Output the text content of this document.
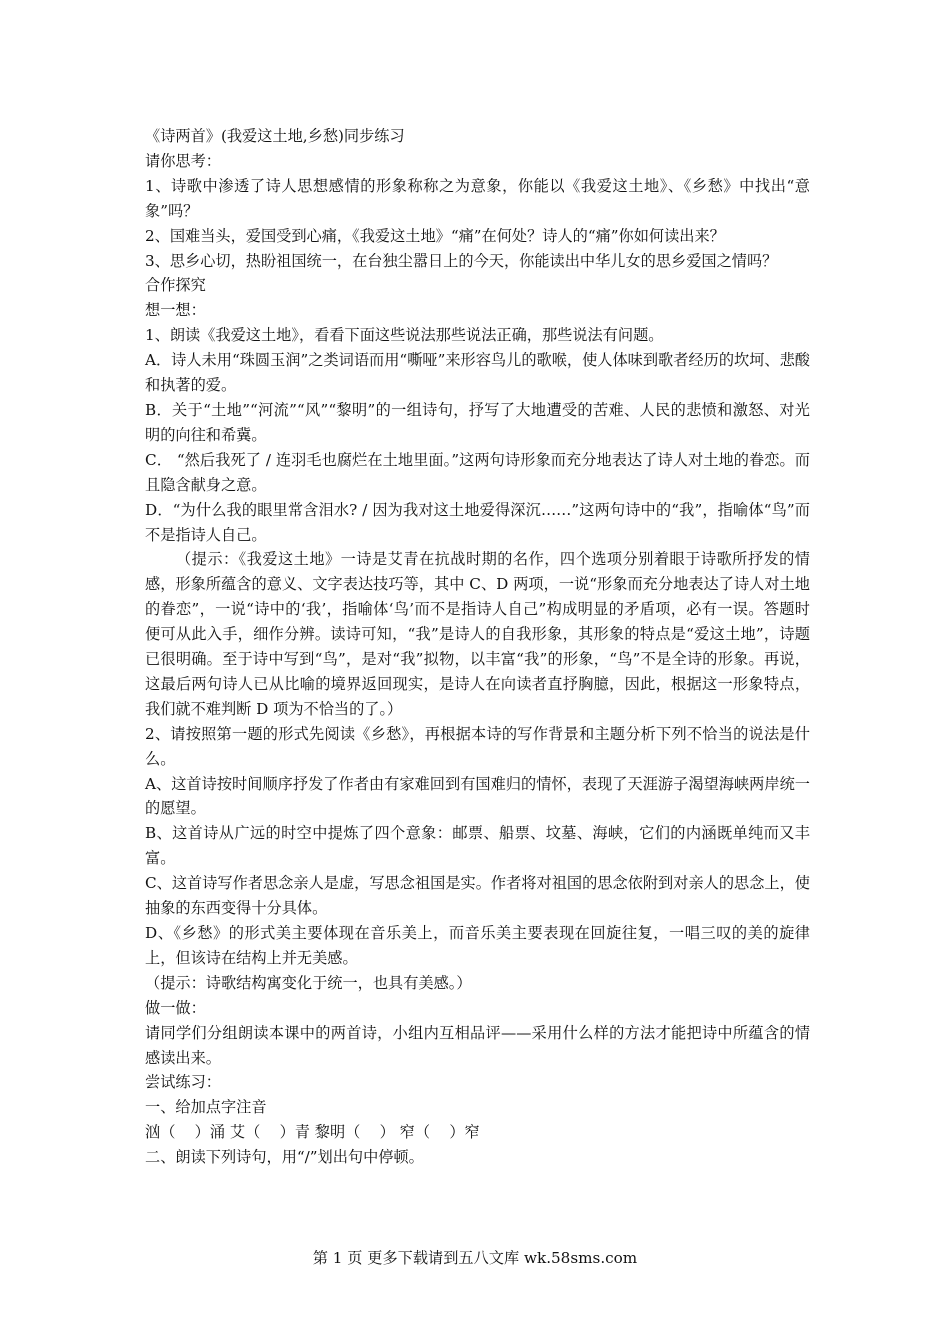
《诗两首》(我爱这土地,乡愁)同步练习

请你思考：

1、诗歌中渗透了诗人思想感情的形象称称之为意象，你能以《我爱这土地》、《乡愁》中找出“意象”吗？

2、国难当头，爱国受到心痛，《我爱这土地》“痛”在何处？诗人的“痛”你如何读出来？

3、思乡心切，热盼祖国统一，在台独尘嚣日上的今天，你能读出中华儿女的思乡爱国之情吗？

合作探究

想一想：

1、朗读《我爱这土地》，看看下面这些说法那些说法正确，那些说法有问题。

A．诗人未用“珠圆玉润”之类词语而用“嘶哑”来形容鸟儿的歌喉，使人体味到歌者经历的坎坷、悲酸和执著的爱。

B．关于“土地”“河流”“风”“黎明”的一组诗句，抒写了大地遭受的苦难、人民的悲愤和激怒、对光明的向往和希冀。

C． “然后我死了 / 连羽毛也腐烂在土地里面。”这两句诗形象而充分地表达了诗人对土地的眷恋。而且隐含献身之意。

D．“为什么我的眼里常含泪水? / 因为我对这土地爱得深沉……”这两句诗中的“我”，指喻体“鸟”而不是指诗人自己。

（提示：《我爱这土地》一诗是艾青在抗战时期的名作，四个选项分别着眼于诗歌所抒发的情感，形象所蕴含的意义、文字表达技巧等，其中 C、D 两项，一说“形象而充分地表达了诗人对土地的眷恋”，一说“诗中的‘我’，指喻体‘鸟’而不是指诗人自己”构成明显的矛盾项，必有一误。答题时便可从此入手，细作分辨。读诗可知，“我”是诗人的自我形象，其形象的特点是“爱这土地”，诗题已很明确。至于诗中写到“鸟”，是对“我”拟物，以丰富“我”的形象，“鸟”不是全诗的形象。再说，这最后两句诗人已从比喻的境界返回现实，是诗人在向读者直抒胸臆，因此，根据这一形象特点，我们就不难判断 D 项为不恰当的了。）

2、请按照第一题的形式先阅读《乡愁》，再根据本诗的写作背景和主题分析下列不恰当的说法是什么。

A、这首诗按时间顺序抒发了作者由有家难回到有国难归的情怀，表现了天涯游子渴望海峡两岸统一的愿望。

B、这首诗从广远的时空中提炼了四个意象：邮票、船票、坟墓、海峡，它们的内涵既单纯而又丰富。

C、这首诗写作者思念亲人是虚，写思念祖国是实。作者将对祖国的思念依附到对亲人的思念上，使抽象的东西变得十分具体。

D、《乡愁》的形式美主要体现在音乐美上，而音乐美主要表现在回旋往复，一唱三叹的美的旋律上，但该诗在结构上并无美感。

（提示：诗歌结构寓变化于统一，也具有美感。）

做一做：

请同学们分组朗读本课中的两首诗，小组内互相品评——采用什么样的方法才能把诗中所蕴含的情感读出来。

尝试练习：

一、给加点字注音

汹（    ）涌 艾（    ）青 黎明（    ） 窄（    ）窄

二、朗读下列诗句，用“/”划出句中停顿。

第 1 页 更多下载请到五八文库 wk.58sms.com
